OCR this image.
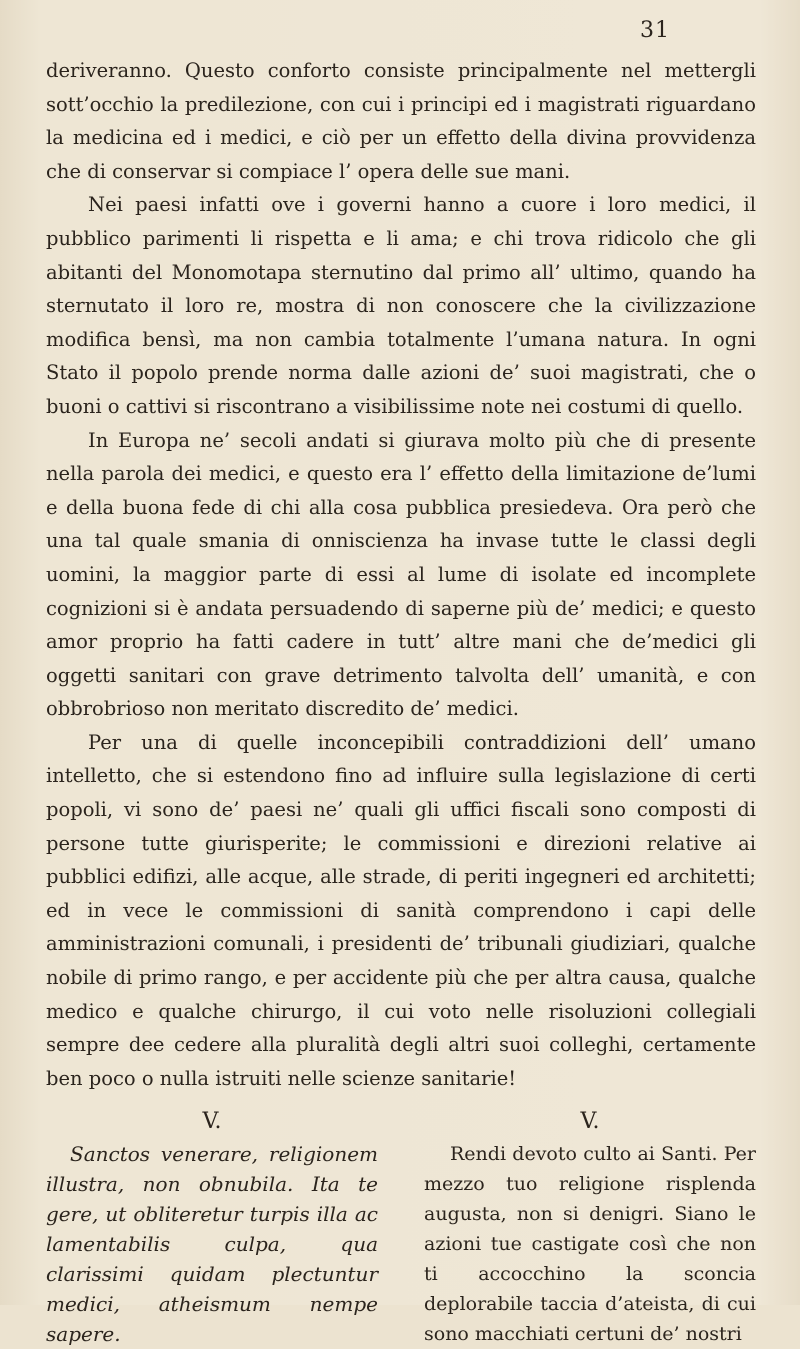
31

deriveranno. Questo conforto consiste principalmente nel mettergli sott’occhio la predilezione, con cui i principi ed i magistrati riguardano la medicina ed i medici, e ciò per un effetto della divina provvidenza che di conservar si compiace l’ opera delle sue mani.

Nei paesi infatti ove i governi hanno a cuore i loro medici, il pubblico parimenti li rispetta e li ama; e chi trova ridicolo che gli abitanti del Monomotapa sternutino dal primo all’ ultimo, quando ha sternutato il loro re, mostra di non conoscere che la civilizzazione modifica bensì, ma non cambia totalmente l’umana natura. In ogni Stato il popolo prende norma dalle azioni de’ suoi magistrati, che o buoni o cattivi si riscontrano a visibilissime note nei costumi di quello.

In Europa ne’ secoli andati si giurava molto più che di presente nella parola dei medici, e questo era l’ effetto della limitazione de’lumi e della buona fede di chi alla cosa pubblica presiedeva. Ora però che una tal quale smania di onniscienza ha invase tutte le classi degli uomini, la maggior parte di essi al lume di isolate ed incomplete cognizioni si è andata persuadendo di saperne più de’ medici; e questo amor proprio ha fatti cadere in tutt’ altre mani che de’medici gli oggetti sanitari con grave detrimento talvolta dell’ umanità, e con obbrobrioso non meritato discredito de’ medici.

Per una di quelle inconcepibili contraddizioni dell’ umano intelletto, che si estendono fino ad influire sulla legislazione di certi popoli, vi sono de’ paesi ne’ quali gli uffici fiscali sono composti di persone tutte giurisperite; le commissioni e direzioni relative ai pubblici edifizi, alle acque, alle strade, di periti ingegneri ed architetti; ed in vece le commissioni di sanità comprendono i capi delle amministrazioni comunali, i presidenti de’ tribunali giudiziari, qualche nobile di primo rango, e per accidente più che per altra causa, qualche medico e qualche chirurgo, il cui voto nelle risoluzioni collegiali sempre dee cedere alla pluralità degli altri suoi colleghi, certamente ben poco o nulla istruiti nelle scienze sanitarie!

V.

Sanctos venerare, religionem illustra, non obnubila. Ita te gere, ut obliteretur turpis illa ac lamentabilis culpa, qua clarissimi quidam plectuntur medici, atheismum nempe sapere.

V.

Rendi devoto culto ai Santi. Per mezzo tuo religione risplenda augusta, non si denigri. Siano le azioni tue castigate così che non ti accocchino la sconcia deplorabile taccia d’ateista, di cui sono macchiati certuni de’ nostri
